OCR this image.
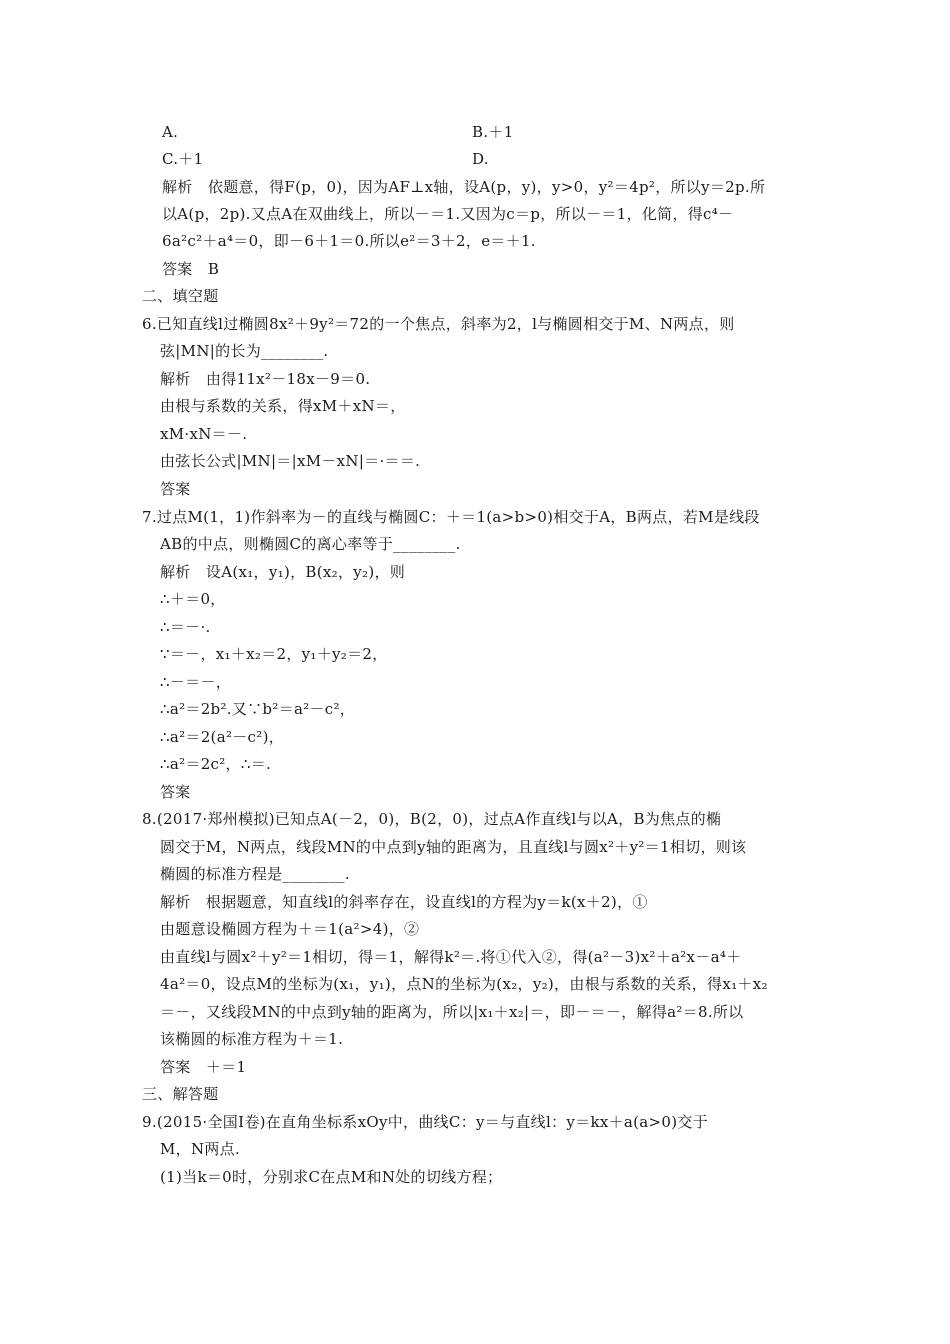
A.	B.＋1
C.＋1	D.
解析　依题意，得F(p，0)，因为AF⊥x轴，设A(p，y)，y>0，y²＝4p²，所以y＝2p.所
以A(p，2p).又点A在双曲线上，所以－＝1.又因为c＝p，所以－＝1，化简，得c⁴－
6a²c²＋a⁴＝0，即－6＋1＝0.所以e²＝3＋2，e＝＋1.
答案　B
二、填空题
6.已知直线l过椭圆8x²＋9y²＝72的一个焦点，斜率为2，l与椭圆相交于M、N两点，则
弦|MN|的长为________.
解析　由得11x²－18x－9＝0.
由根与系数的关系，得xM＋xN＝，
xM·xN＝－.
由弦长公式|MN|＝|xM－xN|＝·＝＝.
答案
7.过点M(1，1)作斜率为－的直线与椭圆C：＋＝1(a>b>0)相交于A，B两点，若M是线段
AB的中点，则椭圆C的离心率等于________.
解析　设A(x₁，y₁)，B(x₂，y₂)，则
∴＋＝0，
∴＝－·.
∵＝－，x₁＋x₂＝2，y₁＋y₂＝2，
∴－＝－，
∴a²＝2b².又∵b²＝a²－c²，
∴a²＝2(a²－c²)，
∴a²＝2c²，∴＝.
答案
8.(2017·郑州模拟)已知点A(－2，0)，B(2，0)，过点A作直线l与以A，B为焦点的椭
圆交于M，N两点，线段MN的中点到y轴的距离为，且直线l与圆x²＋y²＝1相切，则该
椭圆的标准方程是________.
解析　根据题意，知直线l的斜率存在，设直线l的方程为y＝k(x＋2)，①
由题意设椭圆方程为＋＝1(a²>4)，②
由直线l与圆x²＋y²＝1相切，得＝1，解得k²＝.将①代入②，得(a²－3)x²＋a²x－a⁴＋
4a²＝0，设点M的坐标为(x₁，y₁)，点N的坐标为(x₂，y₂)，由根与系数的关系，得x₁＋x₂
＝－，又线段MN的中点到y轴的距离为，所以|x₁＋x₂|＝，即－＝－，解得a²＝8.所以
该椭圆的标准方程为＋＝1.
答案　＋＝1
三、解答题
9.(2015·全国Ⅰ卷)在直角坐标系xOy中，曲线C：y＝与直线l：y＝kx＋a(a>0)交于
M，N两点.
(1)当k＝0时，分别求C在点M和N处的切线方程；
